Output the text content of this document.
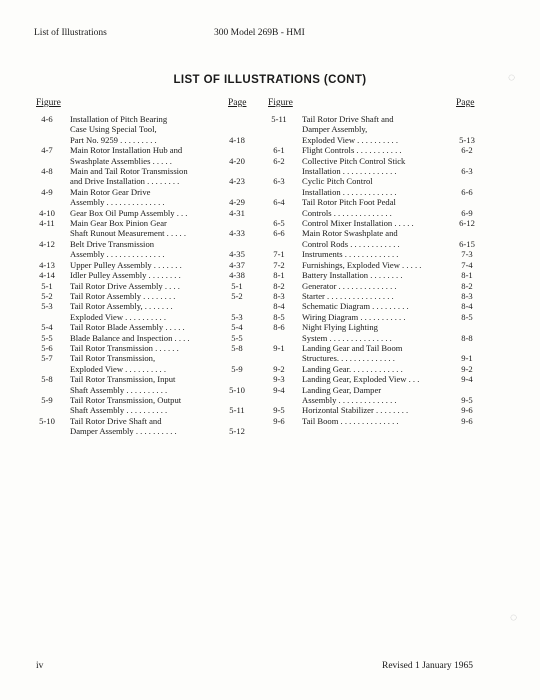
List of Illustrations	300 Model 269B - HMI
◌
LIST OF ILLUSTRATIONS (CONT)
Figure	Page Figure	Page
4-6	Installation of Pitch Bearing
Case Using Special Tool,
Part No. 9259 . . . . . . . . .	4-18
4-7	Main Rotor Installation Hub and
Swashplate Assemblies . . . . .	4-20
4-8	Main and Tail Rotor Transmission
and Drive Installation . . . . . . . .	4-23
4-9	Main Rotor Gear Drive
Assembly . . . . . . . . . . . . . .	4-29
4-10	Gear Box Oil Pump Assembly . . .	4-31
4-11	Main Gear Box Pinion Gear
Shaft Runout Measurement . . . . .	4-33
4-12	Belt Drive Transmission
Assembly . . . . . . . . . . . . . .	4-35
4-13	Upper Pulley Assembly . . . . . . .	4-37
4-14	Idler Pulley Assembly . . . . . . . .	4-38
5-1	Tail Rotor Drive Assembly . . . .	5-1
5-2	Tail Rotor Assembly . . . . . . . .	5-2
5-3	Tail Rotor Assembly, . . . . . . .
Exploded View . . . . . . . . . .	5-3
5-4	Tail Rotor Blade Assembly . . . . .	5-4
5-5	Blade Balance and Inspection . . . .	5-5
5-6	Tail Rotor Transmission . . . . . .	5-8
5-7	Tail Rotor Transmission,
Exploded View . . . . . . . . . .	5-9
5-8	Tail Rotor Transmission, Input
Shaft Assembly . . . . . . . . . .	5-10
5-9	Tail Rotor Transmission, Output
Shaft Assembly . . . . . . . . . .	5-11
5-10	Tail Rotor Drive Shaft and
Damper Assembly . . . . . . . . . .	5-12
5-11	Tail Rotor Drive Shaft and
Damper Assembly,
Exploded View . . . . . . . . . .	5-13
6-1	Flight Controls . . . . . . . . . . .	6-2
6-2	Collective Pitch Control Stick
Installation . . . . . . . . . . . . .	6-3
6-3	Cyclic Pitch Control
Installation . . . . . . . . . . . . .	6-6
6-4	Tail Rotor Pitch Foot Pedal
Controls . . . . . . . . . . . . . .	6-9
6-5	Control Mixer Installation . . . . .	6-12
6-6	Main Rotor Swashplate and
Control Rods . . . . . . . . . . . .	6-15
7-1	Instruments . . . . . . . . . . . . .	7-3
7-2	Furnishings, Exploded View . . . . .	7-4
8-1	Battery Installation . . . . . . . .	8-1
8-2	Generator . . . . . . . . . . . . . .	8-2
8-3	Starter . . . . . . . . . . . . . . . .	8-3
8-4	Schematic Diagram . . . . . . . . .	8-4
8-5	Wiring Diagram . . . . . . . . . . .	8-5
8-6	Night Flying Lighting
System . . . . . . . . . . . . . . .	8-8
9-1	Landing Gear and Tail Boom
Structures. . . . . . . . . . . . . .	9-1
9-2	Landing Gear. . . . . . . . . . . . .	9-2
9-3	Landing Gear, Exploded View . . .	9-4
9-4	Landing Gear, Damper
Assembly . . . . . . . . . . . . . .	9-5
9-5	Horizontal Stabilizer . . . . . . . .	9-6
9-6	Tail Boom . . . . . . . . . . . . . .	9-6
◌
iv	Revised 1 January 1965
